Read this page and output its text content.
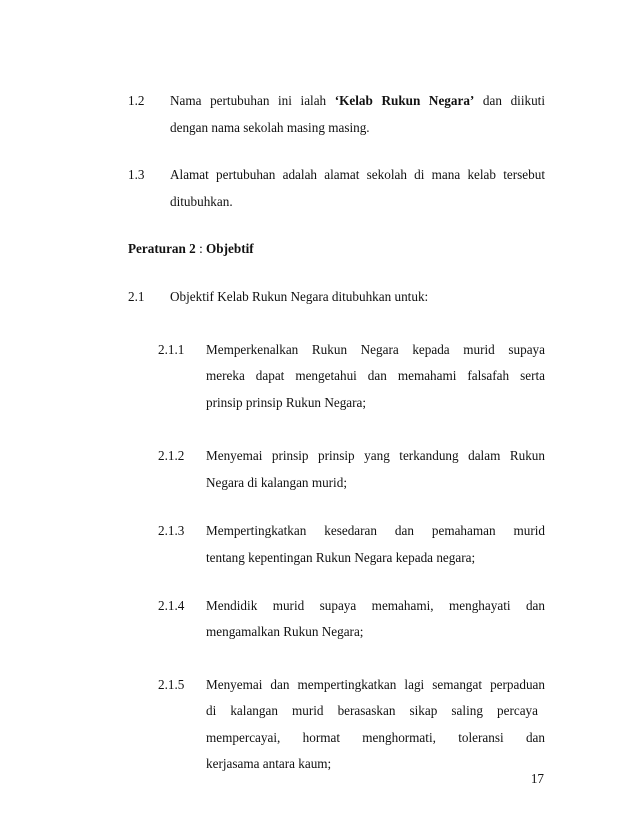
1.2 Nama pertubuhan ini ialah ‘Kelab Rukun Negara’ dan diikuti
dengan nama sekolah masing masing.
1.3 Alamat pertubuhan adalah alamat sekolah di mana kelab tersebut
ditubuhkan.
Peraturan 2 : Objebtif
2.1 Objektif Kelab Rukun Negara ditubuhkan untuk:
2.1.1 Memperkenalkan Rukun Negara kepada murid supaya
mereka dapat mengetahui dan memahami falsafah serta
prinsip prinsip Rukun Negara;
2.1.2 Menyemai prinsip prinsip yang terkandung dalam Rukun
Negara di kalangan murid;
2.1.3 Mempertingkatkan kesedaran dan pemahaman murid
tentang kepentingan Rukun Negara kepada negara;
2.1.4 Mendidik murid supaya memahami, menghayati dan
mengamalkan Rukun Negara;
2.1.5 Menyemai dan mempertingkatkan lagi semangat perpaduan
di kalangan murid berasaskan sikap saling percaya
mempercayai, hormat menghormati, toleransi dan
kerjasama antara kaum;
17
